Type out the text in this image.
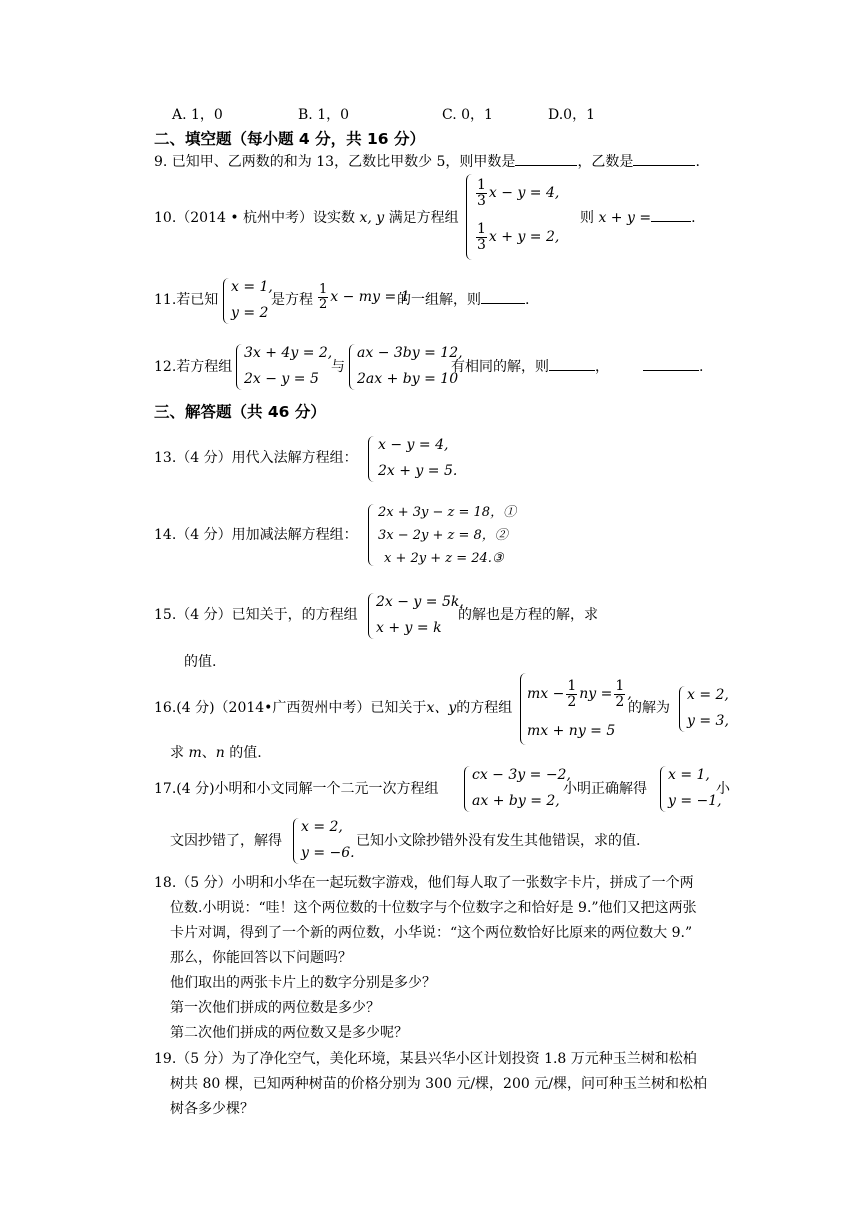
A. 1，0	B. 1，0	C. 0，1	D.0，1
二、填空题（每小题 4 分，共 16 分）
9. 已知甲、乙两数的和为 13，乙数比甲数少 5，则甲数是	，乙数是	.
10.（2014 • 杭州中考）设实数 x, y 满足方程组
$\frac{1}{3}$ x − y = 4,
$\frac{1}{3}$ x + y = 2,
则 x + y =	.
11.若已知
x = 1,
y = 2
是方程 $\frac{1}{2}$ x − my = 1
的一组解，则	.
12.若方程组
3x + 4y = 2,
2x − y = 5
与
ax − 3by = 12,
2ax + by = 10
有相同的解，则	，	.
三、解答题（共 46 分）
13.（4 分）用代入法解方程组：
x − y = 4,
2x + y = 5.
14.（4 分）用加减法解方程组：
2x + 3y − z = 18，①
3x − 2y + z = 8，②
x + 2y + z = 24.③
15.（4 分）已知关于，的方程组
2x − y = 5k,
x + y = k
的解也是方程的解，求
的值.
16.(4 分)（2014•广西贺州中考）已知关于x、y的方程组
mx − $\frac{1}{2}$ ny = $\frac{1}{2}$ ,
mx + ny = 5
的解为
x = 2,
y = 3,
求 m、n 的值.
17.(4 分)小明和小文同解一个二元一次方程组
cx − 3y = −2,
ax + by = 2,
小明正确解得
x = 1,
y = −1,
小
文因抄错了，解得
x = 2,
y = −6.
已知小文除抄错外没有发生其他错误，求的值.
18.（5 分）小明和小华在一起玩数字游戏，他们每人取了一张数字卡片，拼成了一个两
位数.小明说：“哇！这个两位数的十位数字与个位数字之和恰好是 9.”他们又把这两张
卡片对调，得到了一个新的两位数，小华说：“这个两位数恰好比原来的两位数大 9.”
那么，你能回答以下问题吗？
他们取出的两张卡片上的数字分别是多少？
第一次他们拼成的两位数是多少？
第二次他们拼成的两位数又是多少呢？
19.（5 分）为了净化空气，美化环境，某县兴华小区计划投资 1.8 万元种玉兰树和松柏
树共 80 棵，已知两种树苗的价格分别为 300 元/棵，200 元/棵，问可种玉兰树和松柏
树各多少棵？
